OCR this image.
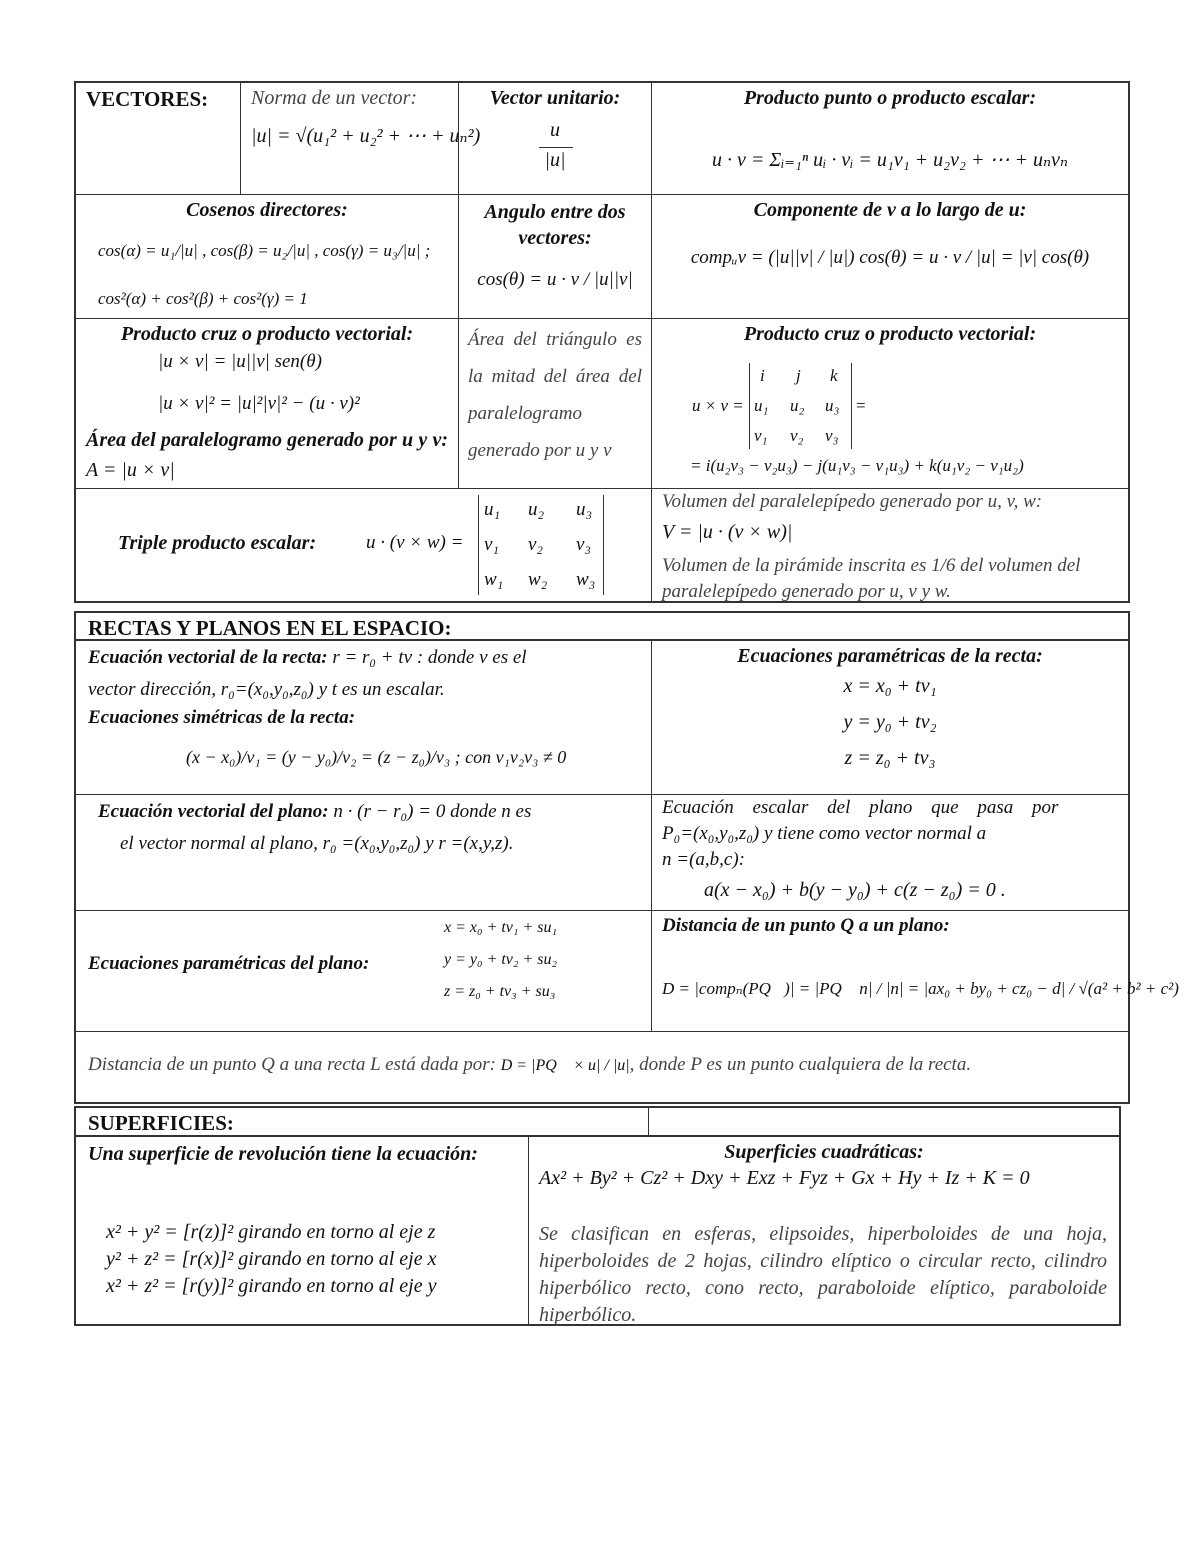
VECTORES: Norma de un vector:
|u| = √(u₁² + u₂² + ⋯ + uₙ²)
Vector unitario:
u
|u|
Producto punto o producto escalar:
u · v = Σᵢ₌₁ⁿ uᵢ · vᵢ = u₁v₁ + u₂v₂ + ⋯ + uₙvₙ
Cosenos directores:
cos(α) = u₁/|u| , cos(β) = u₂/|u| , cos(γ) = u₃/|u| ;
cos²(α) + cos²(β) + cos²(γ) = 1
Angulo entre dos vectores:
cos(θ) = u · v / |u||v|
Componente de v a lo largo de u:
compᵤv = (|u||v| / |u|) cos(θ) = u · v / |u| = |v| cos(θ)
Producto cruz o producto vectorial:
|u × v| = |u||v| sen(θ)
|u × v|² = |u|²|v|² − (u · v)²
Área del paralelogramo generado por u y v: A = |u × v|
Área del triángulo es la mitad del área del paralelogramo generado por u y v
Producto cruz o producto vectorial:
u × v =
i j k
u₁ u₂ u₃
v₁ v₂ v₃
=
= i(u₂v₃ − v₂u₃) − j(u₁v₃ − v₁u₃) + k(u₁v₂ − v₁u₂)
Triple producto escalar:	u · (v × w) =
u₁ u₂ u₃
v₁ v₂ v₃
w₁ w₂ w₃
Volumen del paralelepípedo generado por u, v, w:
V = |u · (v × w)|
Volumen de la pirámide inscrita es 1/6 del volumen del paralelepípedo generado por u, v y w.
RECTAS Y PLANOS EN EL ESPACIO:
Ecuación vectorial de la recta: r = r₀ + tv : donde v es el
vector dirección, r₀=(x₀,y₀,z₀) y t es un escalar.
Ecuaciones simétricas de la recta:
(x − x₀)/v₁ = (y − y₀)/v₂ = (z − z₀)/v₃ ; con v₁v₂v₃ ≠ 0
Ecuaciones paramétricas de la recta:
x = x₀ + tv₁
y = y₀ + tv₂
z = z₀ + tv₃
Ecuación vectorial del plano: n · (r − r₀) = 0 donde n es
el vector normal al plano, r₀ =(x₀,y₀,z₀) y r =(x,y,z).
Ecuación escalar del plano que pasa por
P₀=(x₀,y₀,z₀) y tiene como vector normal a
n =(a,b,c):
a(x − x₀) + b(y − y₀) + c(z − z₀) = 0 .
Ecuaciones paramétricas del plano:
x = x₀ + tv₁ + su₁
y = y₀ + tv₂ + su₂
z = z₀ + tv₃ + su₃
Distancia de un punto Q a un plano:
D = |compₙ(PQ⃗)| = |PQ⃗ n| / |n| = |ax₀ + by₀ + cz₀ − d| / √(a² + b² + c²)
Distancia de un punto Q a una recta L está dada por: D = |PQ⃗ × u| / |u|, donde P es un punto cualquiera de la recta.
SUPERFICIES:
Una superficie de revolución tiene la ecuación:
x² + y² = [r(z)]² girando en torno al eje z
y² + z² = [r(x)]² girando en torno al eje x
x² + z² = [r(y)]² girando en torno al eje y
Superficies cuadráticas:
Ax² + By² + Cz² + Dxy + Exz + Fyz + Gx + Hy + Iz + K = 0
Se clasifican en esferas, elipsoides, hiperboloides de una hoja, hiperboloides de 2 hojas, cilindro elíptico o circular recto, cilindro hiperbólico recto, cono recto, paraboloide elíptico, paraboloide hiperbólico.
